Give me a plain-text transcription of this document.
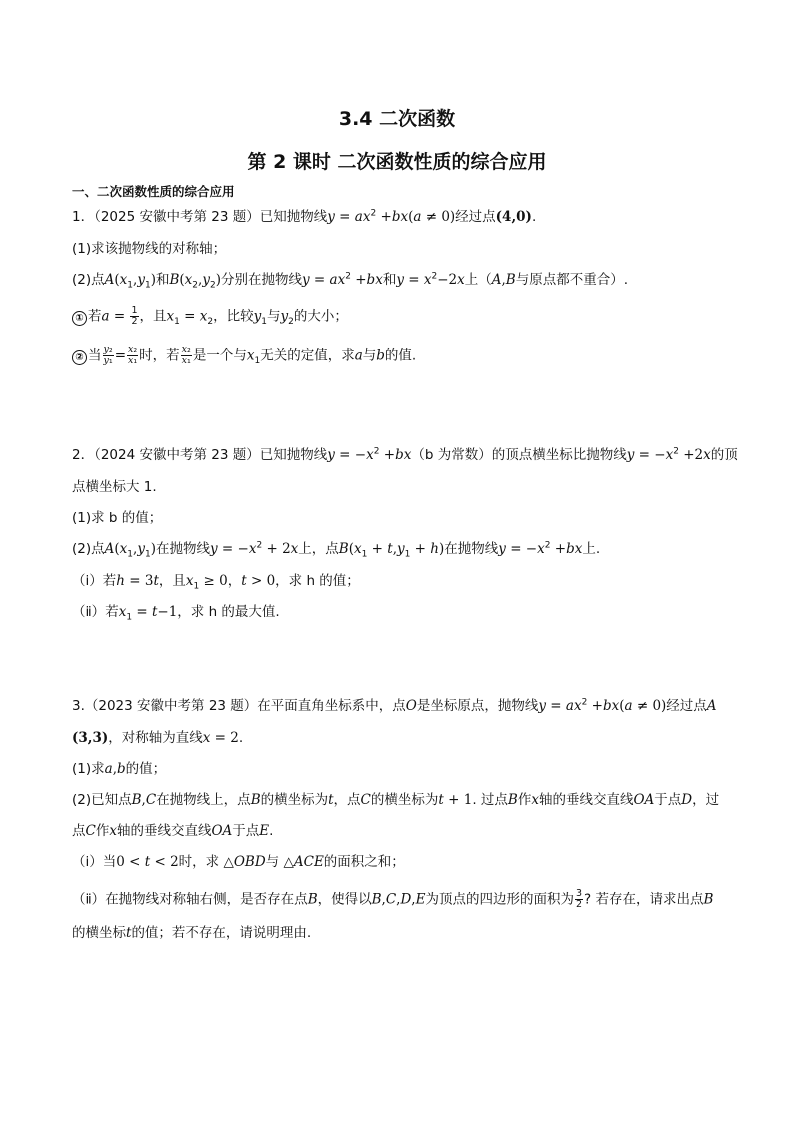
3.4 二次函数
第 2 课时 二次函数性质的综合应用
一、二次函数性质的综合应用
1．（2025 安徽中考第 23 题）已知抛物线$y = ax^2 +bx(a \ne 0)$经过点(4,0).
(1)求该抛物线的对称轴；
(2)点$A(x_1,y_1)$和$B(x_2,y_2)$分别在抛物线$y = ax^2 +bx$和$y = x^2-2x$上（A,B与原点都不重合）.
① 若$a = \frac{1}{2}$ ，且$x_1 = x_2$，比较$y_1$与$y_2$的大小；
② 当 $\frac{\text{y₂}}{\text{y₁}} = \frac{\text{x₂}}{\text{x₁}}$ 时，若 $\frac{\text{x₂}}{\text{x₁}}$ 是一个与$x_1$无关的定值，求a与b的值.
2．（2024 安徽中考第 23 题）已知抛物线$y = -x^2 +bx(b$ 为常数）的顶点横坐标比抛物线$y = -x^2 +2x$的顶
点横坐标大 1.
(1)求 b 的值；
(2)点$A(x_1,y_1)$在抛物线$y = -x^2 + 2x$上，点$B(x_1 + t,y_1 + h)$在抛物线$y = -x^2 +bx$上.
（ⅰ）若h = 3t，且$x_1 \ge 0$，t > 0，求 h 的值；
（ⅱ）若$x_1 = t-1$，求 h 的最大值.
3.（2023 安徽中考第 23 题）在平面直角坐标系中，点O是坐标原点，抛物线$y = ax^2 +bx(a \ne 0)$经过点A
(3,3)，对称轴为直线x = 2.
(1)求a,b的值；
(2)已知点B,C在抛物线上，点B的横坐标为t，点C的横坐标为t + 1. 过点B作x轴的垂线交直线OA于点D，过
点C作x轴的垂线交直线OA于点E.
（ⅰ）当0 < t < 2时，求 △OBD与 △ACE的面积之和；
（ⅱ）在抛物线对称轴右侧，是否存在点B，使得以B,C,D,E为顶点的四边形的面积为 $\frac{3}{2}$ ? 若存在，请求出点B
的横坐标t的值；若不存在，请说明理由.
